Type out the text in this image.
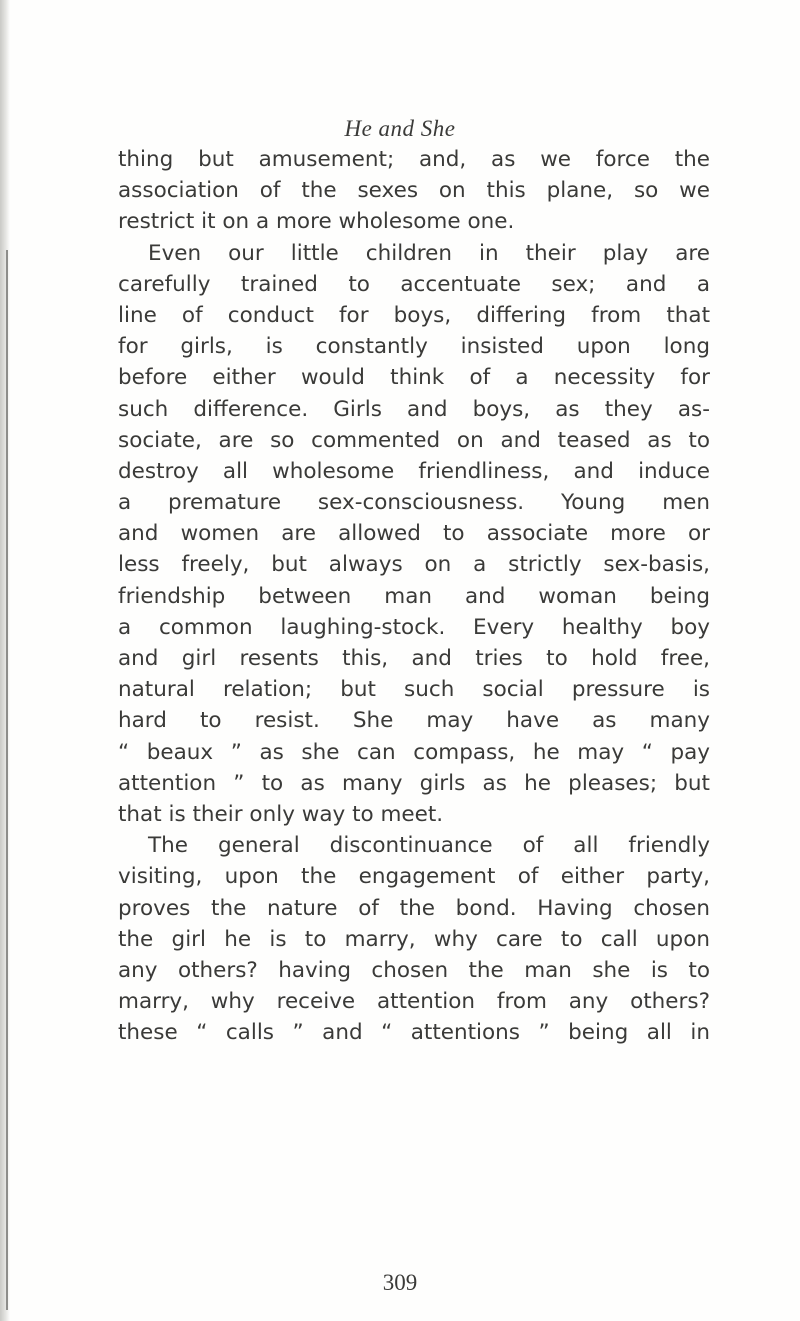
He and She
thing but amusement; and, as we force the
association of the sexes on this plane, so we
restrict it on a more wholesome one.
Even our little children in their play are
carefully trained to accentuate sex; and a
line of conduct for boys, differing from that
for girls, is constantly insisted upon long
before either would think of a necessity for
such difference. Girls and boys, as they as-
sociate, are so commented on and teased as to
destroy all wholesome friendliness, and induce
a premature sex-consciousness. Young men
and women are allowed to associate more or
less freely, but always on a strictly sex-basis,
friendship between man and woman being
a common laughing-stock. Every healthy boy
and girl resents this, and tries to hold free,
natural relation; but such social pressure is
hard to resist. She may have as many
“ beaux ” as she can compass, he may “ pay
attention ” to as many girls as he pleases; but
that is their only way to meet.
The general discontinuance of all friendly
visiting, upon the engagement of either party,
proves the nature of the bond. Having chosen
the girl he is to marry, why care to call upon
any others? having chosen the man she is to
marry, why receive attention from any others?
these “ calls ” and “ attentions ” being all in
309
